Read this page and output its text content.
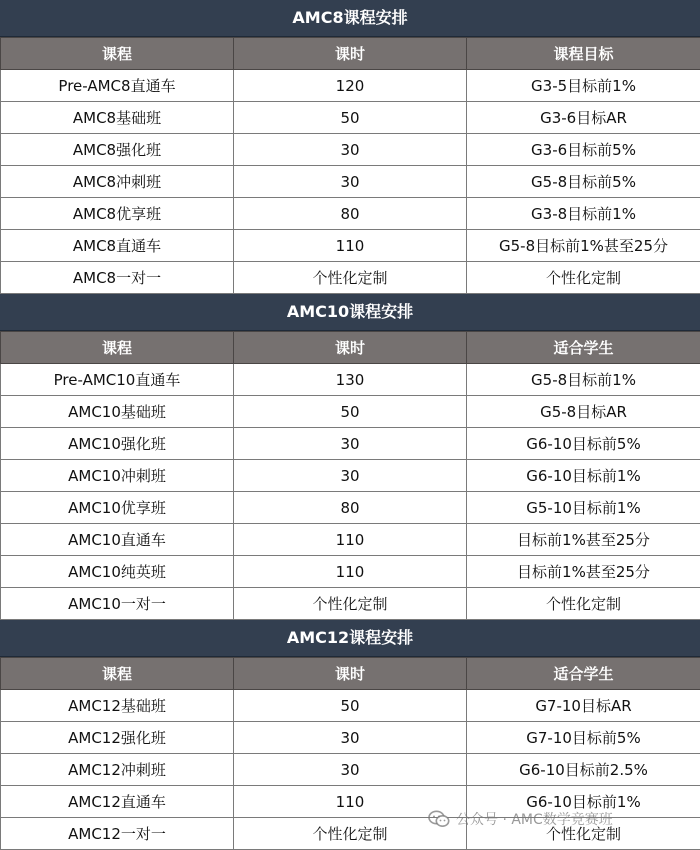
AMC8课程安排
课程	课时	课程目标
Pre-AMC8直通车	120	G3-5目标前1%
AMC8基础班	50	G3-6目标AR
AMC8强化班	30	G3-6目标前5%
AMC8冲刺班	30	G5-8目标前5%
AMC8优享班	80	G3-8目标前1%
AMC8直通车	110	G5-8目标前1%甚至25分
AMC8一对一	个性化定制	个性化定制
AMC10课程安排
课程	课时	适合学生
Pre-AMC10直通车	130	G5-8目标前1%
AMC10基础班	50	G5-8目标AR
AMC10强化班	30	G6-10目标前5%
AMC10冲刺班	30	G6-10目标前1%
AMC10优享班	80	G5-10目标前1%
AMC10直通车	110	目标前1%甚至25分
AMC10纯英班	110	目标前1%甚至25分
AMC10一对一	个性化定制	个性化定制
AMC12课程安排
课程	课时	适合学生
AMC12基础班	50	G7-10目标AR
AMC12强化班	30	G7-10目标前5%
AMC12冲刺班	30	G6-10目标前2.5%
AMC12直通车	110	G6-10目标前1%
AMC12一对一	个性化定制	个性化定制
公众号 · AMC数学竞赛班
